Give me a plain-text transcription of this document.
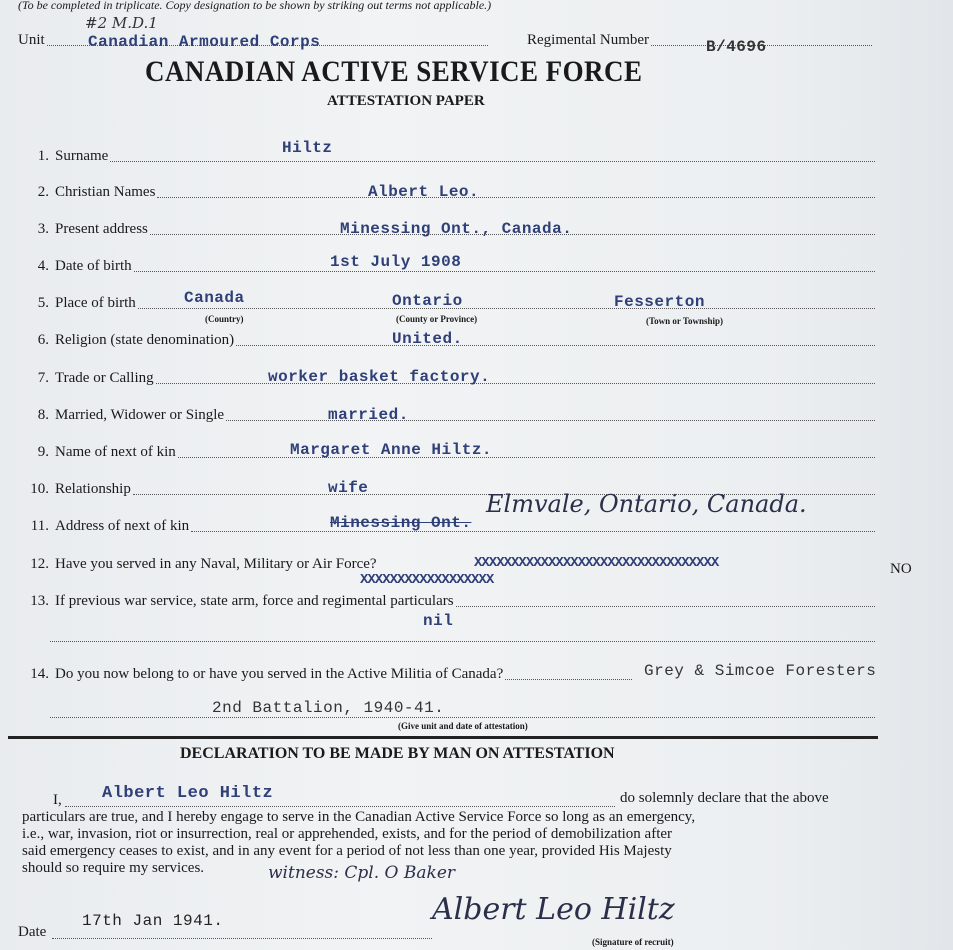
(To be completed in triplicate. Copy designation to be shown by striking out terms not applicable.)
#2 M.D.1
Unit	Canadian Armoured Corps	Regimental Number	B/4696
CANADIAN ACTIVE SERVICE FORCE
ATTESTATION PAPER
1. Surname	Hiltz
2. Christian Names	Albert Leo.
3. Present address	Minessing Ont., Canada.
4. Date of birth	1st July 1908
5. Place of birth	Canada
(Country)
Ontario
(County or Province)
Fesserton
(Town or Township)
6. Religion (state denomination)	United.
7. Trade or Calling	worker basket factory.
8. Married, Widower or Single	married.
9. Name of next of kin	Margaret Anne Hiltz.
10. Relationship	wife
11. Address of next of kin	Minessing Ont.
Elmvale, Ontario, Canada.
12. Have you served in any Naval, Military or Air Force?	XXXXXXXXXXXXXXXXXXXXXXXXXXXXXXXXX
XXXXXXXXXXXXXXXXXX
NO
13. If previous war service, state arm, force and regimental particulars
nil
14. Do you now belong to or have you served in the Active Militia of Canada?	Grey & Simcoe Foresters
2nd Battalion, 1940-41.
(Give unit and date of attestation)
DECLARATION TO BE MADE BY MAN ON ATTESTATION
I, Albert Leo Hiltz	do solemnly declare that the above
particulars are true, and I hereby engage to serve in the Canadian Active Service Force so long as an emergency,
i.e., war, invasion, riot or insurrection, real or apprehended, exists, and for the period of demobilization after
said emergency ceases to exist, and in any event for a period of not less than one year, provided His Majesty
should so require my services.	witness: Cpl. O Baker
Date
17th Jan 1941.	Albert Leo Hiltz
(Signature of recruit)
